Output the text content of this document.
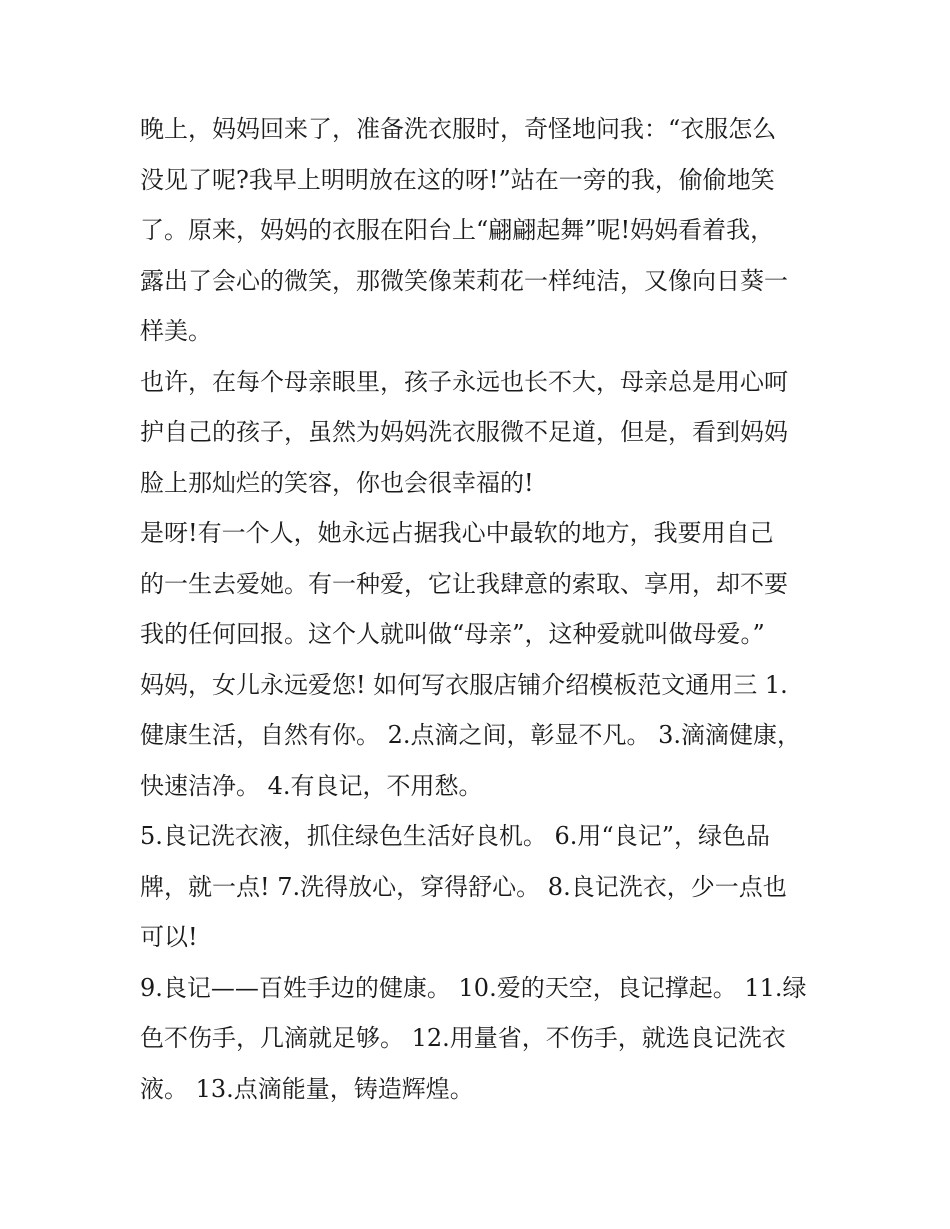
晚上，妈妈回来了，准备洗衣服时，奇怪地问我：“衣服怎么
没见了呢?我早上明明放在这的呀!”站在一旁的我，偷偷地笑
了。原来，妈妈的衣服在阳台上“翩翩起舞”呢!妈妈看着我，
露出了会心的微笑，那微笑像茉莉花一样纯洁，又像向日葵一
样美。
也许，在每个母亲眼里，孩子永远也长不大，母亲总是用心呵
护自己的孩子，虽然为妈妈洗衣服微不足道，但是，看到妈妈
脸上那灿烂的笑容，你也会很幸福的!
是呀!有一个人，她永远占据我心中最软的地方，我要用自己
的一生去爱她。有一种爱，它让我肆意的索取、享用，却不要
我的任何回报。这个人就叫做“母亲”，这种爱就叫做母爱。”
妈妈，女儿永远爱您! 如何写衣服店铺介绍模板范文通用三 1.
健康生活，自然有你。 2.点滴之间，彰显不凡。 3.滴滴健康，
快速洁净。 4.有良记，不用愁。
5.良记洗衣液，抓住绿色生活好良机。 6.用“良记”，绿色品
牌，就一点! 7.洗得放心，穿得舒心。 8.良记洗衣，少一点也
可以!
9.良记——百姓手边的健康。 10.爱的天空，良记撑起。 11.绿
色不伤手，几滴就足够。 12.用量省，不伤手，就选良记洗衣
液。 13.点滴能量，铸造辉煌。
